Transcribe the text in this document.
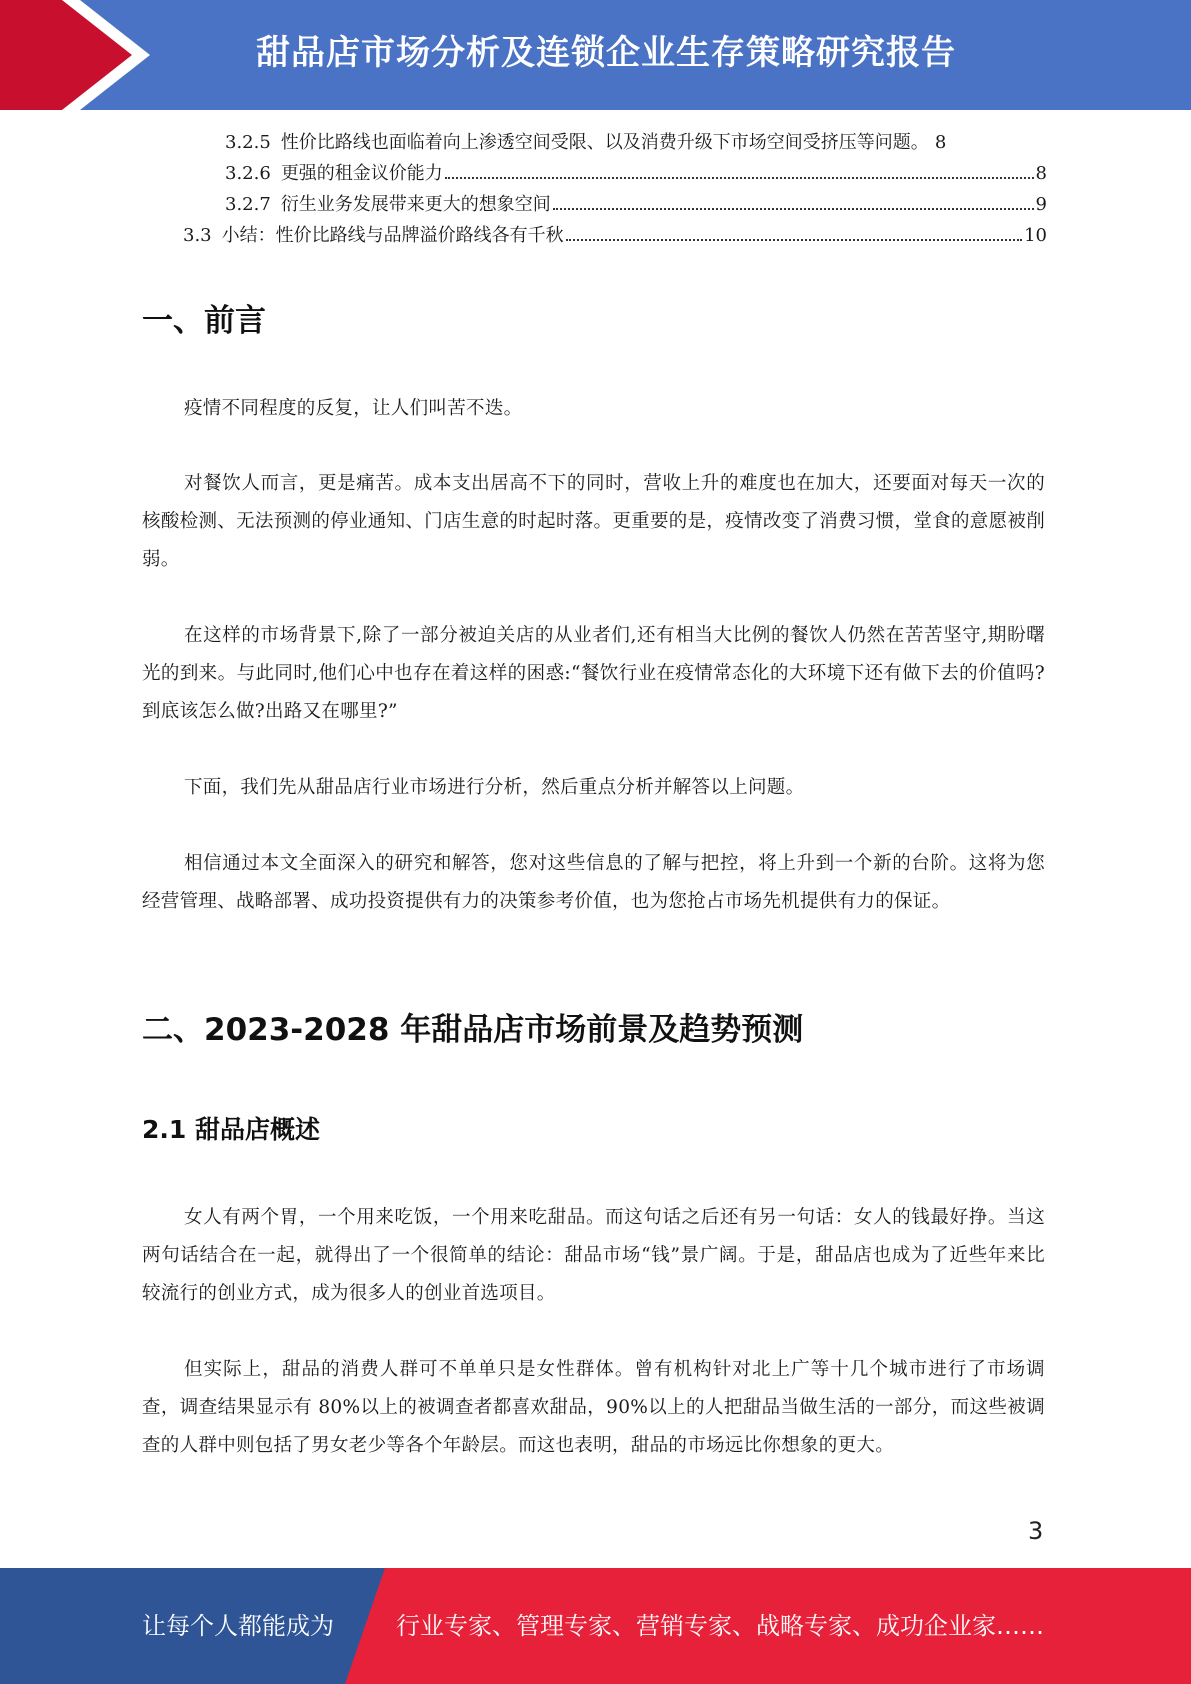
甜品店市场分析及连锁企业生存策略研究报告
3.2.5 性价比路线也面临着向上渗透空间受限、以及消费升级下市场空间受挤压等问题。 8
3.2.6 更强的租金议价能力	8
3.2.7 衍生业务发展带来更大的想象空间	9
3.3 小结：性价比路线与品牌溢价路线各有千秋	10
一、前言
疫情不同程度的反复，让人们叫苦不迭。
对餐饮人而言，更是痛苦。成本支出居高不下的同时，营收上升的难度也在加大，还要面对每天一次的核酸检测、无法预测的停业通知、门店生意的时起时落。更重要的是，疫情改变了消费习惯，堂食的意愿被削弱。
在这样的市场背景下,除了一部分被迫关店的从业者们,还有相当大比例的餐饮人仍然在苦苦坚守,期盼曙光的到来。与此同时,他们心中也存在着这样的困惑:“餐饮行业在疫情常态化的大环境下还有做下去的价值吗?到底该怎么做?出路又在哪里?”
下面，我们先从甜品店行业市场进行分析，然后重点分析并解答以上问题。
相信通过本文全面深入的研究和解答，您对这些信息的了解与把控，将上升到一个新的台阶。这将为您经营管理、战略部署、成功投资提供有力的决策参考价值，也为您抢占市场先机提供有力的保证。
二、2023-2028 年甜品店市场前景及趋势预测
2.1 甜品店概述
女人有两个胃，一个用来吃饭，一个用来吃甜品。而这句话之后还有另一句话：女人的钱最好挣。当这两句话结合在一起，就得出了一个很简单的结论：甜品市场“钱”景广阔。于是，甜品店也成为了近些年来比较流行的创业方式，成为很多人的创业首选项目。
但实际上，甜品的消费人群可不单单只是女性群体。曾有机构针对北上广等十几个城市进行了市场调查，调查结果显示有 80%以上的被调查者都喜欢甜品，90%以上的人把甜品当做生活的一部分，而这些被调查的人群中则包括了男女老少等各个年龄层。而这也表明，甜品的市场远比你想象的更大。
3
让每个人都能成为	行业专家、管理专家、营销专家、战略专家、成功企业家……
